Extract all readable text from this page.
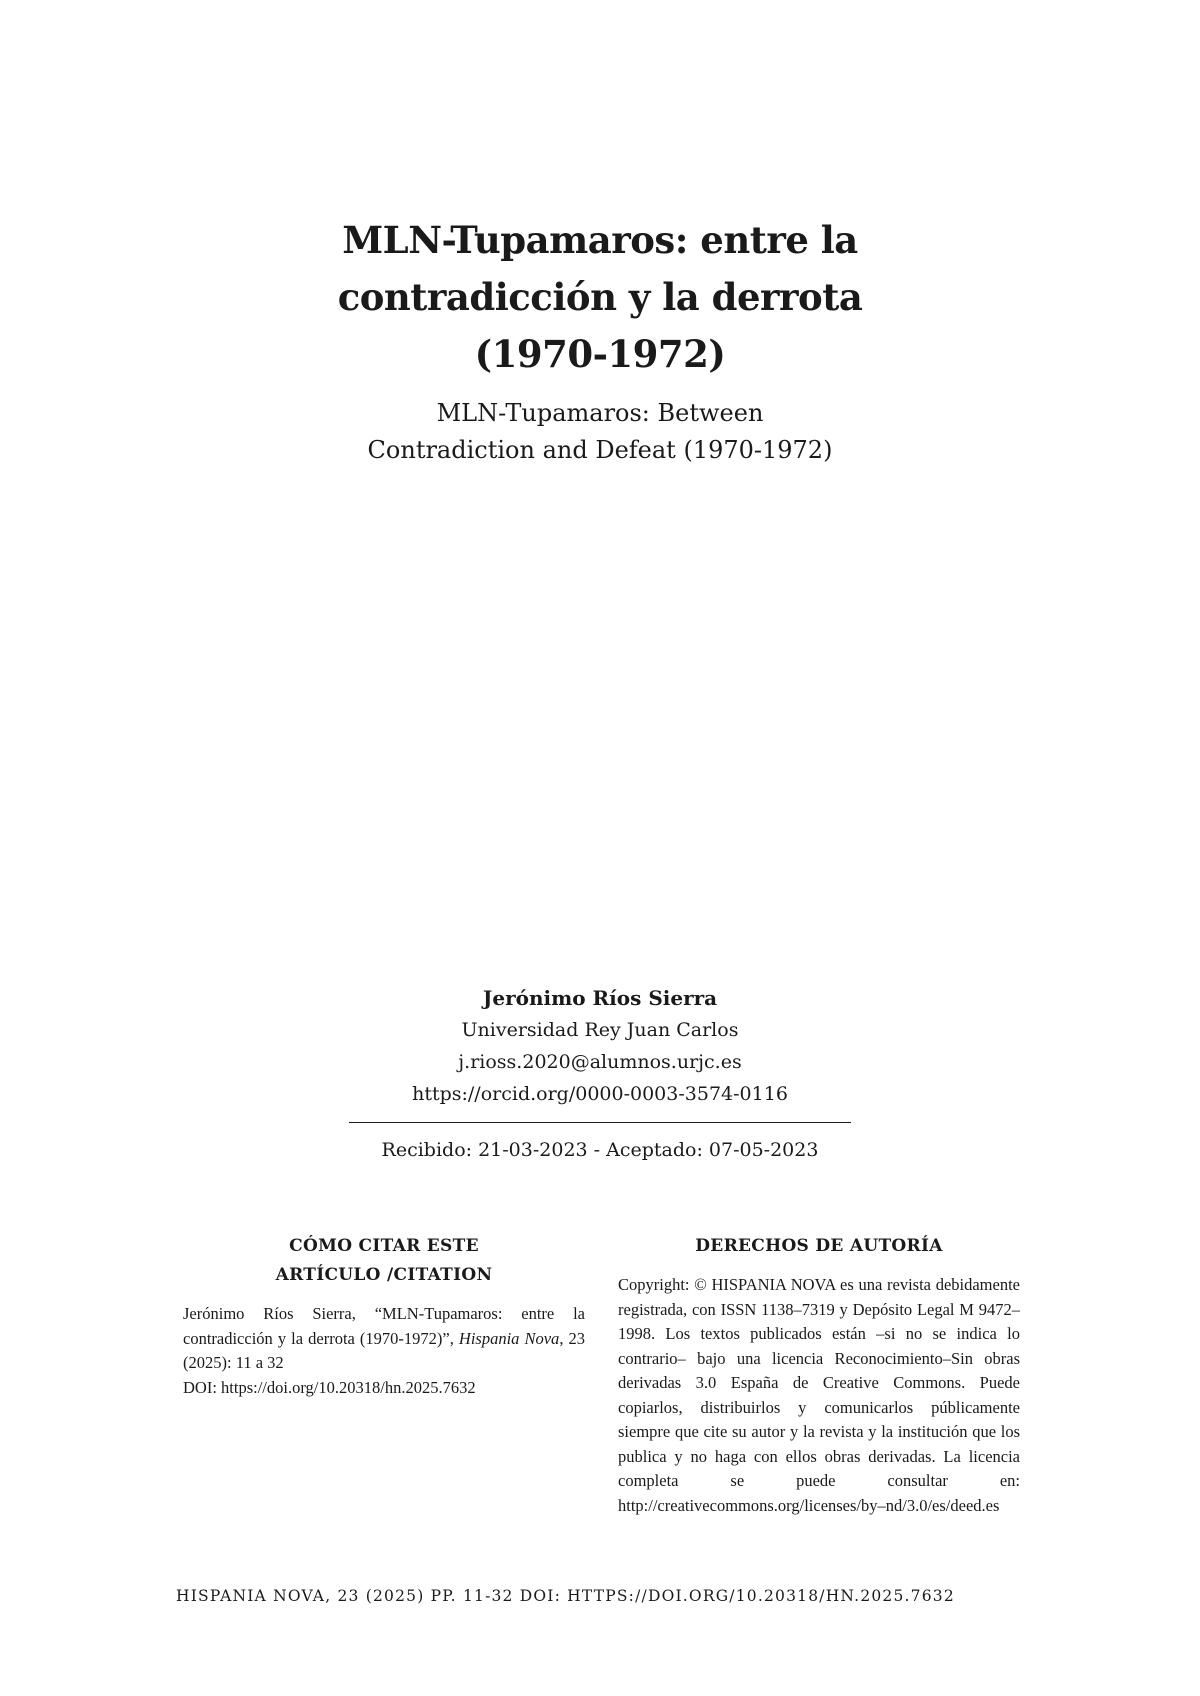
MLN-Tupamaros: entre la
contradicción y la derrota
(1970-1972)
MLN-Tupamaros: Between
Contradiction and Defeat (1970-1972)
Jerónimo Ríos Sierra
Universidad Rey Juan Carlos
j.rioss.2020@alumnos.urjc.es
https://orcid.org/0000-0003-3574-0116
Recibido: 21-03-2023 - Aceptado: 07-05-2023
CÓMO CITAR ESTE
ARTÍCULO /CITATION
Jerónimo Ríos Sierra, “MLN-Tupamaros: entre la contradicción y la derrota (1970-1972)”, Hispania Nova, 23 (2025): 11 a 32
DOI: https://doi.org/10.20318/hn.2025.7632
DERECHOS DE AUTORÍA
Copyright: © HISPANIA NOVA es una revista debidamente registrada, con ISSN 1138–7319 y Depósito Legal M 9472–1998. Los textos publicados están –si no se indica lo contrario– bajo una licencia Reconocimiento–Sin obras derivadas 3.0 España de Creative Commons. Puede copiarlos, distribuirlos y comunicarlos públicamente siempre que cite su autor y la revista y la institución que los publica y no haga con ellos obras derivadas. La licencia completa se puede consultar en: http://creativecommons.org/licenses/by–nd/3.0/es/deed.es
HISPANIA NOVA, 23 (2025) PP. 11-32 DOI: HTTPS://DOI.ORG/10.20318/HN.2025.7632
